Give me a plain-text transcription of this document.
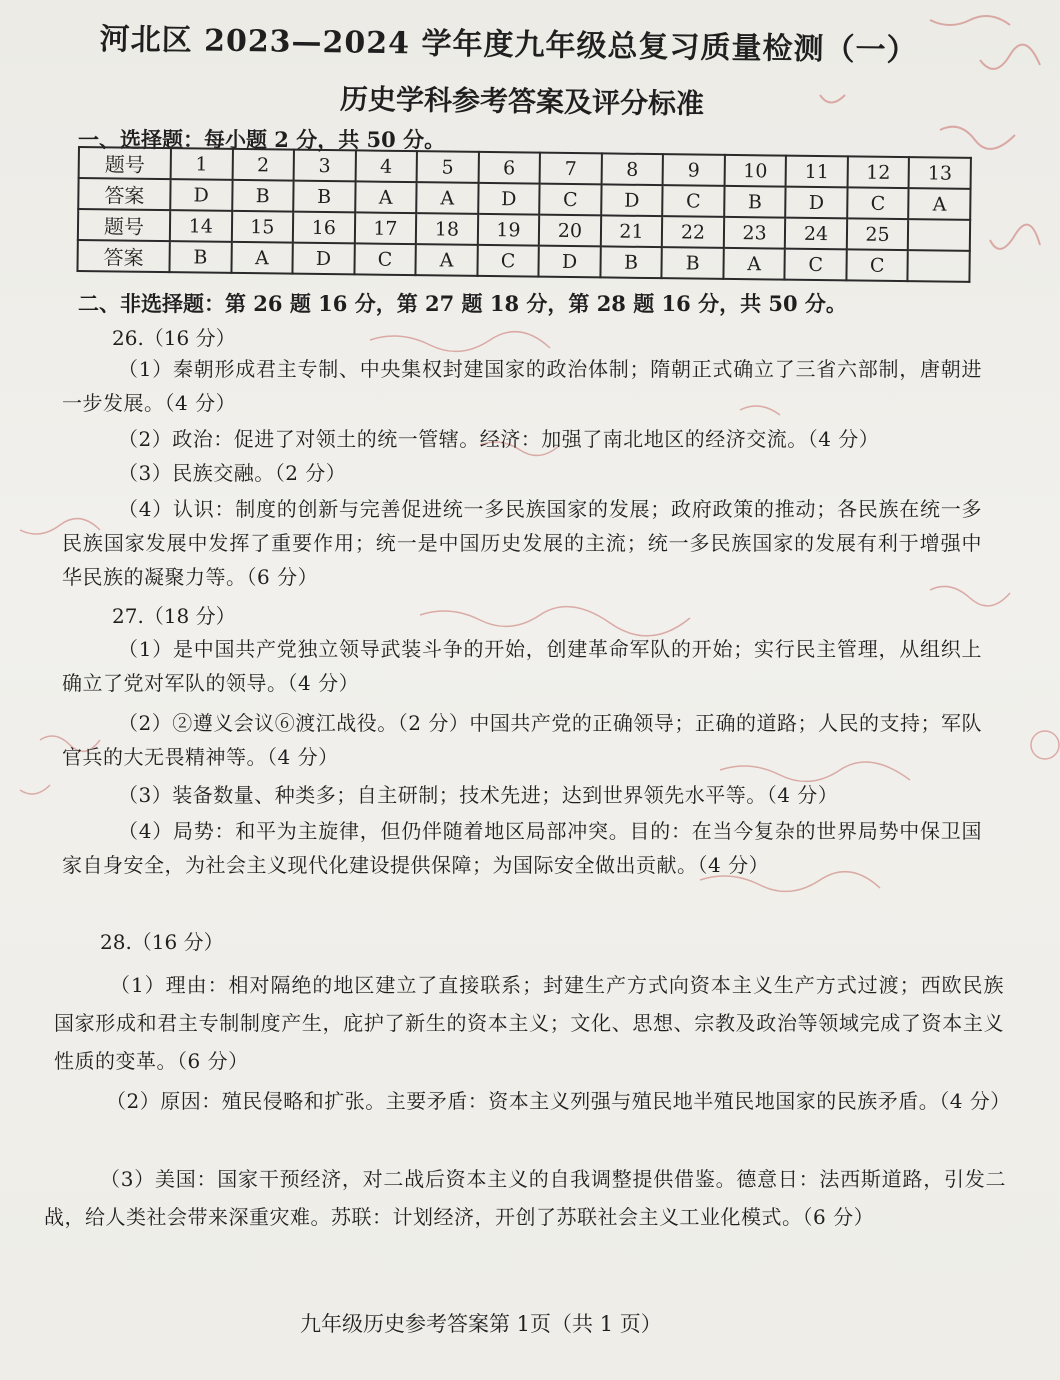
河北区 2023—2024 学年度九年级总复习质量检测（一）
历史学科参考答案及评分标准
一、选择题：每小题 2 分，共 50 分。
题号	1	2	3	4	5	6	7	8	9	10	11	12	13
答案	D	B	B	A	A	D	C	D	C	B	D	C	A
题号	14	15	16	17	18	19	20	21	22	23	24	25	
答案	B	A	D	C	A	C	D	B	B	A	C	C	
二、非选择题：第 26 题 16 分，第 27 题 18 分，第 28 题 16 分，共 50 分。
26.（16 分）
（1）秦朝形成君主专制、中央集权封建国家的政治体制；隋朝正式确立了三省六部制，唐朝进一步发展。（4 分）
（2）政治：促进了对领土的统一管辖。经济：加强了南北地区的经济交流。（4 分）
（3）民族交融。（2 分）
（4）认识：制度的创新与完善促进统一多民族国家的发展；政府政策的推动；各民族在统一多民族国家发展中发挥了重要作用；统一是中国历史发展的主流；统一多民族国家的发展有利于增强中华民族的凝聚力等。（6 分）
27.（18 分）
（1）是中国共产党独立领导武装斗争的开始，创建革命军队的开始；实行民主管理，从组织上确立了党对军队的领导。（4 分）
（2）②遵义会议⑥渡江战役。（2 分）中国共产党的正确领导；正确的道路；人民的支持；军队官兵的大无畏精神等。（4 分）
（3）装备数量、种类多；自主研制；技术先进；达到世界领先水平等。（4 分）
（4）局势：和平为主旋律，但仍伴随着地区局部冲突。目的：在当今复杂的世界局势中保卫国家自身安全，为社会主义现代化建设提供保障；为国际安全做出贡献。（4 分）
28.（16 分）
（1）理由：相对隔绝的地区建立了直接联系；封建生产方式向资本主义生产方式过渡；西欧民族国家形成和君主专制制度产生，庇护了新生的资本主义；文化、思想、宗教及政治等领域完成了资本主义性质的变革。（6 分）
（2）原因：殖民侵略和扩张。主要矛盾：资本主义列强与殖民地半殖民地国家的民族矛盾。（4 分）
（3）美国：国家干预经济，对二战后资本主义的自我调整提供借鉴。德意日：法西斯道路，引发二战，给人类社会带来深重灾难。苏联：计划经济，开创了苏联社会主义工业化模式。（6 分）
九年级历史参考答案第 1页（共 1 页）
